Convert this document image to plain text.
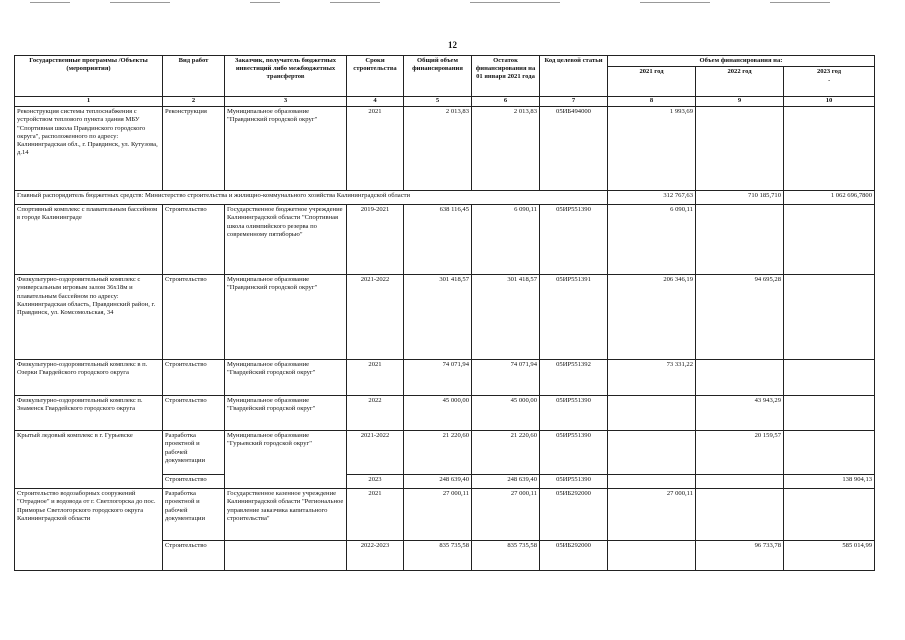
12
Государственные программы /Объекты (мероприятия)	Вид работ	Заказчик, получатель бюджетных инвестиций либо межбюджетных трансфертов	Сроки строительства	Общий объем финансирования	Остаток финансирования на 01 января 2021 года	Код целевой статьи	Объем финансирования на:		
							2021 год	2022 год	2023 год
.
1	2	3	4	5	6	7	8	9	10
Реконструкция системы теплоснабжения с устройством теплового пункта здания МБУ "Спортивная школа Правдинского городского округа", расположенного по адресу: Калининградская обл., г. Правдинск, ул. Кутузова, д.14	Реконструкция	Муниципальное образование "Правдинский городской округ"	2021	2 013,83	2 013,83	05ИБ494000	1 993,69		
Главный распорядитель бюджетных средств: Министерство строительства и жилищно-коммунального хозяйства Калининградской области							312 767,63	710 185,710	1 062 696,7800
Спортивный комплекс с плавательным бассейном в городе Калининграде	Строительство	Государственное бюджетное учреждение Калининградской области "Спортивная школа олимпийского резерва по современному пятиборью"	2019-2021	638 116,45	6 090,11	05ИР551390	6 090,11		
Физкультурно-оздоровительный комплекс с универсальным игровым залом 36х18м и плавательным бассейном по адресу: Калининградская область, Правдинский район, г. Правдинск, ул. Комсомольская, 34	Строительство	Муниципальное образование "Правдинский городской округ"	2021-2022	301 418,57	301 418,57	05ИР551391	206 346,19	94 695,28	
Физкультурно-оздоровительный комплекс в п. Озерки Гвардейского городского округа	Строительство	Муниципальное образование "Гвардейский городской округ"	2021	74 071,94	74 071,94	05ИР551392	73 331,22		
Физкультурно-оздоровительный комплекс п. Знаменск Гвардейского городского округа	Строительство	Муниципальное образование "Гвардейский городской округ"	2022	45 000,00	45 000,00	05ИР551390		43 943,29	
Крытый ледовый комплекс в г. Гурьевске	Разработка проектной и рабочей документации	Муниципальное образование "Гурьевский городской округ"	2021-2022	21 220,60	21 220,60	05ИР551390		20 159,57	
	Строительство		2023	248 639,40	248 639,40	05ИР551390			138 904,13
Строительство водозаборных сооружений "Отрадное" и водовода от г. Светлогорска до пос. Приморье Светлогорского городского округа Калининградской области	Разработка проектной и рабочей документации	Государственное казенное учреждение Калининградской области "Региональное управление заказчика капитального строительства"	2021	27 000,11	27 000,11	05ИБ292000	27 000,11		
	Строительство		2022-2023	835 735,58	835 735,58	05ИБ292000		96 733,78	585 014,99
